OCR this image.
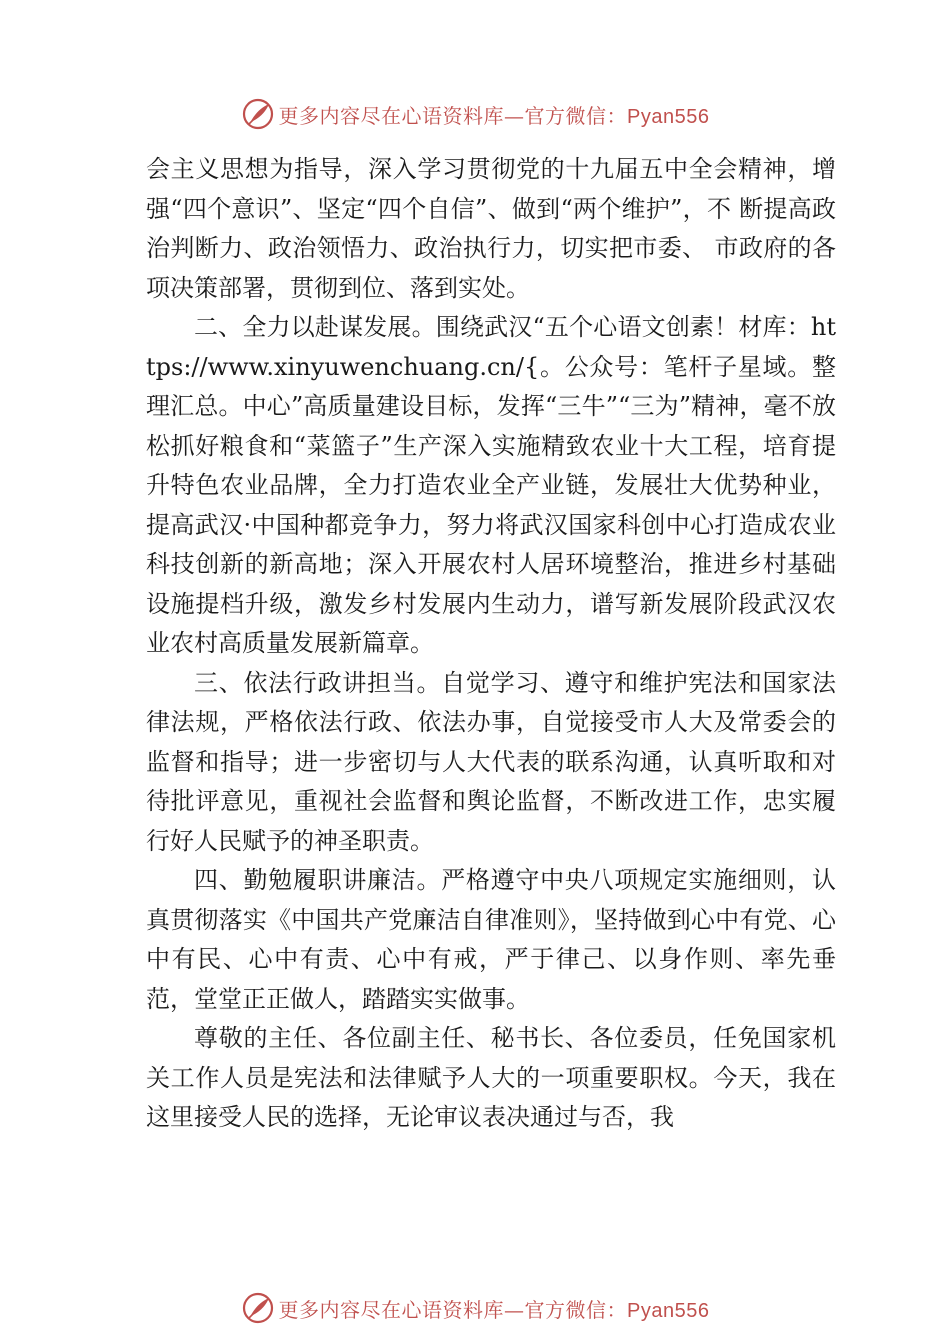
更多内容尽在心语资料库—官方微信：Pyan556

会主义思想为指导，深入学习贯彻党的十九届五中全会精神，增强“四个意识”、坚定“四个自信”、做到“两个维护”，不 断提高政治判断力、政治领悟力、政治执行力，切实把市委、 市政府的各项决策部署，贯彻到位、落到实处。

二、全力以赴谋发展。围绕武汉“五个心语文创素！材库：https://www.xinyuwenchuang.cn/{。公众号：笔杆子星域。整理汇总。中心”高质量建设目标，发挥“三牛”“三为”精神，毫不放松抓好粮食和“菜篮子”生产深入实施精致农业十大工程，培育提升特色农业品牌，全力打造农业全产业链，发展壮大优势种业，提高武汉·中国种都竞争力，努力将武汉国家科创中心打造成农业科技创新的新高地；深入开展农村人居环境整治，推进乡村基础设施提档升级，激发乡村发展内生动力，谱写新发展阶段武汉农业农村高质量发展新篇章。

三、依法行政讲担当。自觉学习、遵守和维护宪法和国家法律法规，严格依法行政、依法办事，自觉接受市人大及常委会的监督和指导；进一步密切与人大代表的联系沟通，认真听取和对待批评意见，重视社会监督和舆论监督，不断改进工作，忠实履行好人民赋予的神圣职责。

四、勤勉履职讲廉洁。严格遵守中央八项规定实施细则，认真贯彻落实《中国共产党廉洁自律准则》，坚持做到心中有党、心中有民、心中有责、心中有戒，严于律己、以身作则、率先垂范，堂堂正正做人，踏踏实实做事。

尊敬的主任、各位副主任、秘书长、各位委员，任免国家机关工作人员是宪法和法律赋予人大的一项重要职权。今天，我在这里接受人民的选择，无论审议表决通过与否，我

更多内容尽在心语资料库—官方微信：Pyan556
